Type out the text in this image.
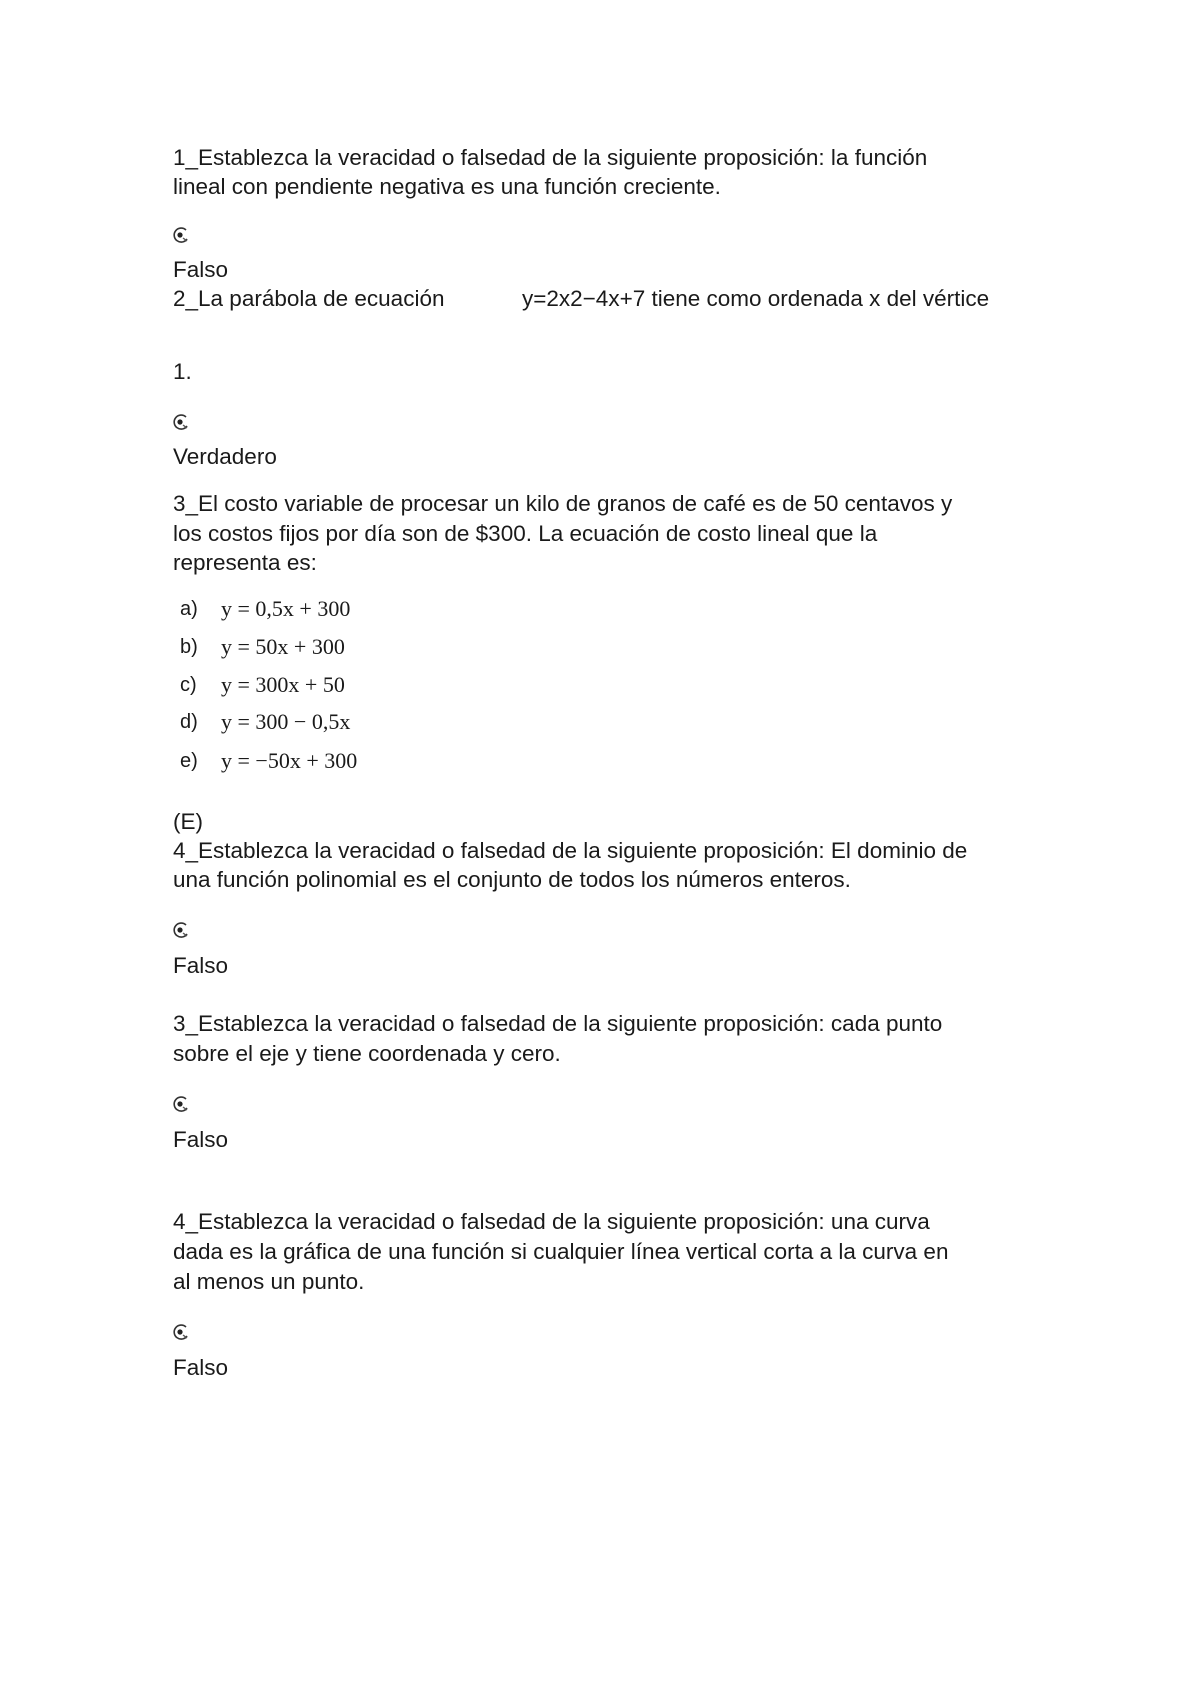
1_Establezca la veracidad o falsedad de la siguiente proposición: la función
lineal con pendiente negativa es una función creciente.
Falso
2_La parábola de ecuación	y=2x2−4x+7 tiene como ordenada x del vértice
1.
Verdadero
3_El costo variable de procesar un kilo de granos de café es de 50 centavos y
los costos fijos por día son de $300. La ecuación de costo lineal que la
representa es:
a) y = 0,5x + 300
b) y = 50x + 300
c) y = 300x + 50
d) y = 300 − 0,5x
e) y = −50x + 300
(E)
4_Establezca la veracidad o falsedad de la siguiente proposición: El dominio de
una función polinomial es el conjunto de todos los números enteros.
Falso
3_Establezca la veracidad o falsedad de la siguiente proposición: cada punto
sobre el eje y tiene coordenada y cero.
Falso
4_Establezca la veracidad o falsedad de la siguiente proposición: una curva
dada es la gráfica de una función si cualquier línea vertical corta a la curva en
al menos un punto.
Falso
